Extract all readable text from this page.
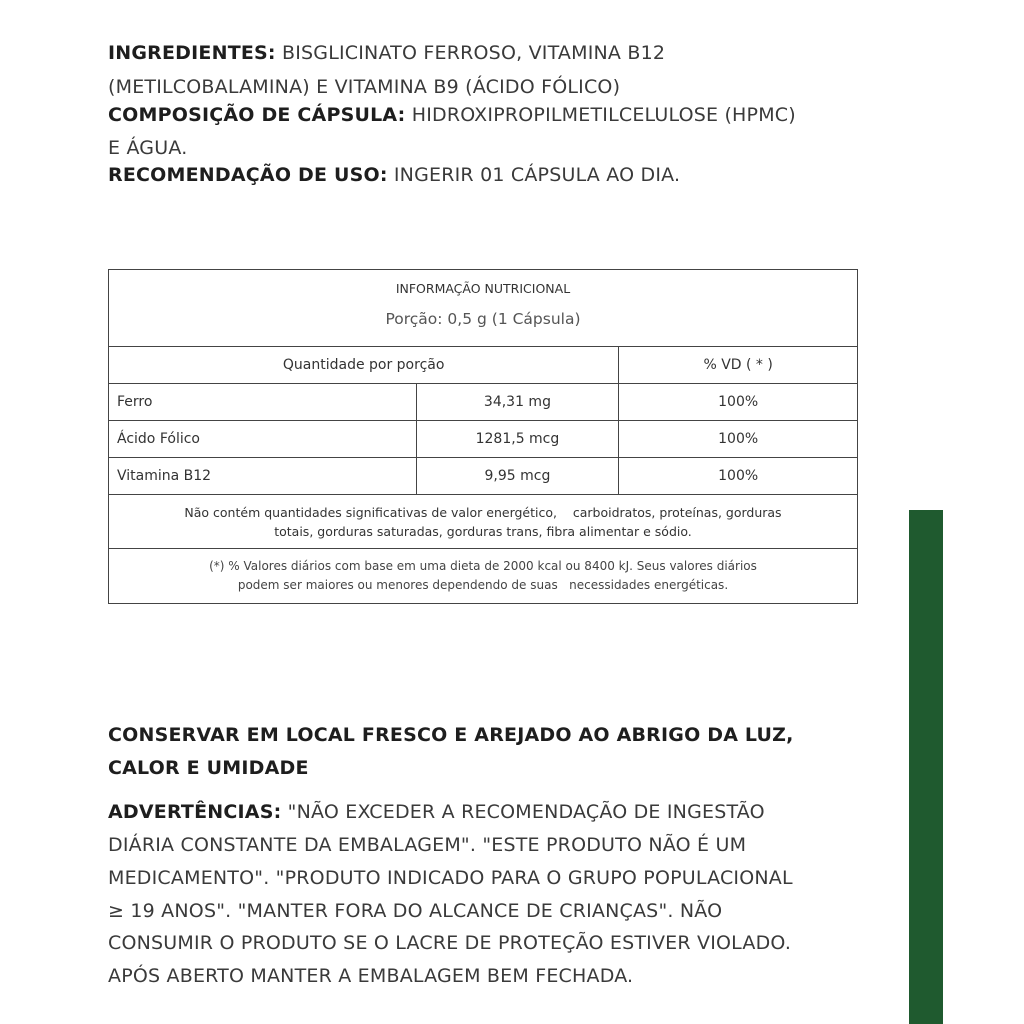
INGREDIENTES: BISGLICINATO FERROSO, VITAMINA B12
(METILCOBALAMINA) E VITAMINA B9 (ÁCIDO FÓLICO)
COMPOSIÇÃO DE CÁPSULA: HIDROXIPROPILMETILCELULOSE (HPMC)
E ÁGUA.
RECOMENDAÇÃO DE USO: INGERIR 01 CÁPSULA AO DIA.
INFORMAÇÃO NUTRICIONAL
Porção: 0,5 g (1 Cápsula)		

Quantidade por porção		% VD ( * )
Ferro	34,31 mg	100%
Ácido Fólico	1281,5 mcg	100%
Vitamina B12	9,95 mcg	100%

Não contém quantidades significativas de valor energético,    carboidratos, proteínas, gorduras
totais, gorduras saturadas, gorduras trans, fibra alimentar e sódio.		

(*) % Valores diários com base em uma dieta de 2000 kcal ou 8400 kJ. Seus valores diários
podem ser maiores ou menores dependendo de suas   necessidades energéticas.		
CONSERVAR EM LOCAL FRESCO E AREJADO AO ABRIGO DA LUZ,
CALOR E UMIDADE
ADVERTÊNCIAS: "NÃO EXCEDER A RECOMENDAÇÃO DE INGESTÃO
DIÁRIA CONSTANTE DA EMBALAGEM". "ESTE PRODUTO NÃO É UM
MEDICAMENTO". "PRODUTO INDICADO PARA O GRUPO POPULACIONAL
≥ 19 ANOS". "MANTER FORA DO ALCANCE DE CRIANÇAS". NÃO
CONSUMIR O PRODUTO SE O LACRE DE PROTEÇÃO ESTIVER VIOLADO.
APÓS ABERTO MANTER A EMBALAGEM BEM FECHADA.
